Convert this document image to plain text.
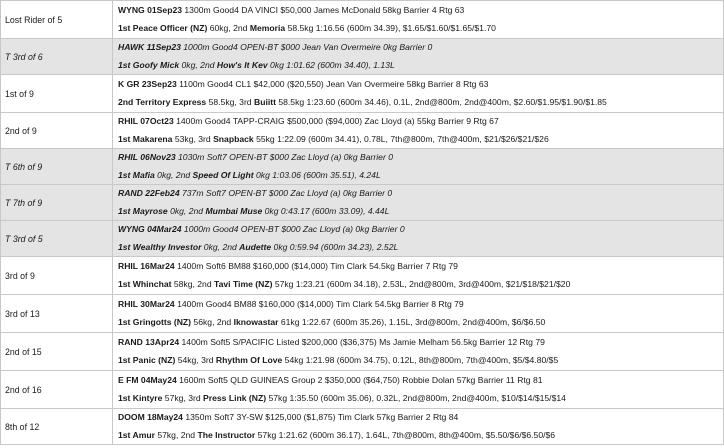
Lost Rider of 5	WYNG 01Sep23 1300m Good4 DA VINCI $50,000 James McDonald 58kg Barrier 4 Rtg 63
1st Peace Officer (NZ) 60kg, 2nd Memoria 58.5kg 1:16.56 (600m 34.39), $1.65/$1.60/$1.65/$1.70

T 3rd of 6	HAWK 11Sep23 1000m Good4 OPEN-BT $000 Jean Van Overmeire 0kg Barrier 0
1st Goofy Mick 0kg, 2nd How's It Kev 0kg 1:01.62 (600m 34.40), 1.13L

1st of 9	K GR 23Sep23 1100m Good4 CL1 $42,000 ($20,550) Jean Van Overmeire 58kg Barrier 8 Rtg 63
2nd Territory Express 58.5kg, 3rd Buiitt 58.5kg 1:23.60 (600m 34.46), 0.1L, 2nd@800m, 2nd@400m, $2.60/$1.95/$1.90/$1.85

2nd of 9	RHIL 07Oct23 1400m Good4 TAPP-CRAIG $500,000 ($94,000) Zac Lloyd (a) 55kg Barrier 9 Rtg 67
1st Makarena 53kg, 3rd Snapback 55kg 1:22.09 (600m 34.41), 0.78L, 7th@800m, 7th@400m, $21/$26/$21/$26

T 6th of 9	RHIL 06Nov23 1030m Soft7 OPEN-BT $000 Zac Lloyd (a) 0kg Barrier 0
1st Mafia 0kg, 2nd Speed Of Light 0kg 1:03.06 (600m 35.51), 4.24L

T 7th of 9	RAND 22Feb24 737m Soft7 OPEN-BT $000 Zac Lloyd (a) 0kg Barrier 0
1st Mayrose 0kg, 2nd Mumbai Muse 0kg 0:43.17 (600m 33.09), 4.44L

T 3rd of 5	WYNG 04Mar24 1000m Good4 OPEN-BT $000 Zac Lloyd (a) 0kg Barrier 0
1st Wealthy Investor 0kg, 2nd Audette 0kg 0:59.94 (600m 34.23), 2.52L

3rd of 9	RHIL 16Mar24 1400m Soft6 BM88 $160,000 ($14,000) Tim Clark 54.5kg Barrier 7 Rtg 79
1st Whinchat 58kg, 2nd Tavi Time (NZ) 57kg 1:23.21 (600m 34.18), 2.53L, 2nd@800m, 3rd@400m, $21/$18/$21/$20

3rd of 13	RHIL 30Mar24 1400m Good4 BM88 $160,000 ($14,000) Tim Clark 54.5kg Barrier 8 Rtg 79
1st Gringotts (NZ) 56kg, 2nd Iknowastar 61kg 1:22.67 (600m 35.26), 1.15L, 3rd@800m, 2nd@400m, $6/$6.50

2nd of 15	RAND 13Apr24 1400m Soft5 S/PACIFIC Listed $200,000 ($36,375) Ms Jamie Melham 56.5kg Barrier 12 Rtg 79
1st Panic (NZ) 54kg, 3rd Rhythm Of Love 54kg 1:21.98 (600m 34.75), 0.12L, 8th@800m, 7th@400m, $5/$4.80/$5

2nd of 16	E FM 04May24 1600m Soft5 QLD GUINEAS Group 2 $350,000 ($64,750) Robbie Dolan 57kg Barrier 11 Rtg 81
1st Kintyre 57kg, 3rd Press Link (NZ) 57kg 1:35.50 (600m 35.06), 0.32L, 2nd@800m, 2nd@400m, $10/$14/$15/$14

8th of 12	DOOM 18May24 1350m Soft7 3Y-SW $125,000 ($1,875) Tim Clark 57kg Barrier 2 Rtg 84
1st Amur 57kg, 2nd The Instructor 57kg 1:21.62 (600m 36.17), 1.64L, 7th@800m, 8th@400m, $5.50/$6/$6.50/$6
